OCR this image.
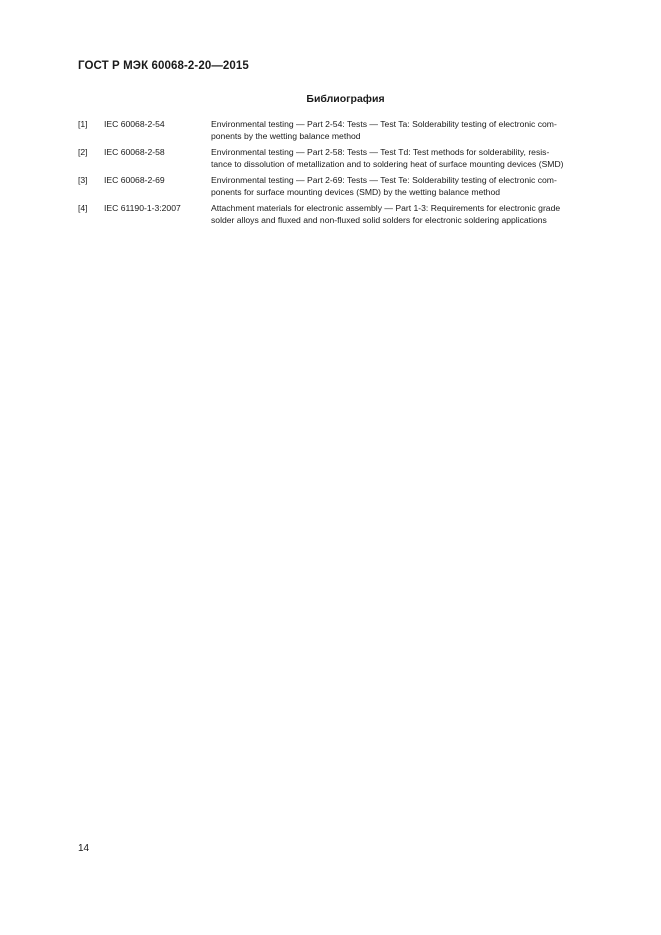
ГОСТ Р МЭК 60068-2-20—2015
Библиография
[1]	IEC 60068-2-54	Environmental testing — Part 2-54: Tests — Test Ta: Solderability testing of electronic com-
ponents by the wetting balance method
[2]	IEC 60068-2-58	Environmental testing — Part 2-58: Tests — Test Td: Test methods for solderability, resis-
tance to dissolution of metallization and to soldering heat of surface mounting devices (SMD)
[3]	IEC 60068-2-69	Environmental testing — Part 2-69: Tests — Test Te: Solderability testing of electronic com-
ponents for surface mounting devices (SMD) by the wetting balance method
[4]	IEC 61190-1-3:2007	Attachment materials for electronic assembly — Part 1-3: Requirements for electronic grade
solder alloys and fluxed and non-fluxed solid solders for electronic soldering applications
14
